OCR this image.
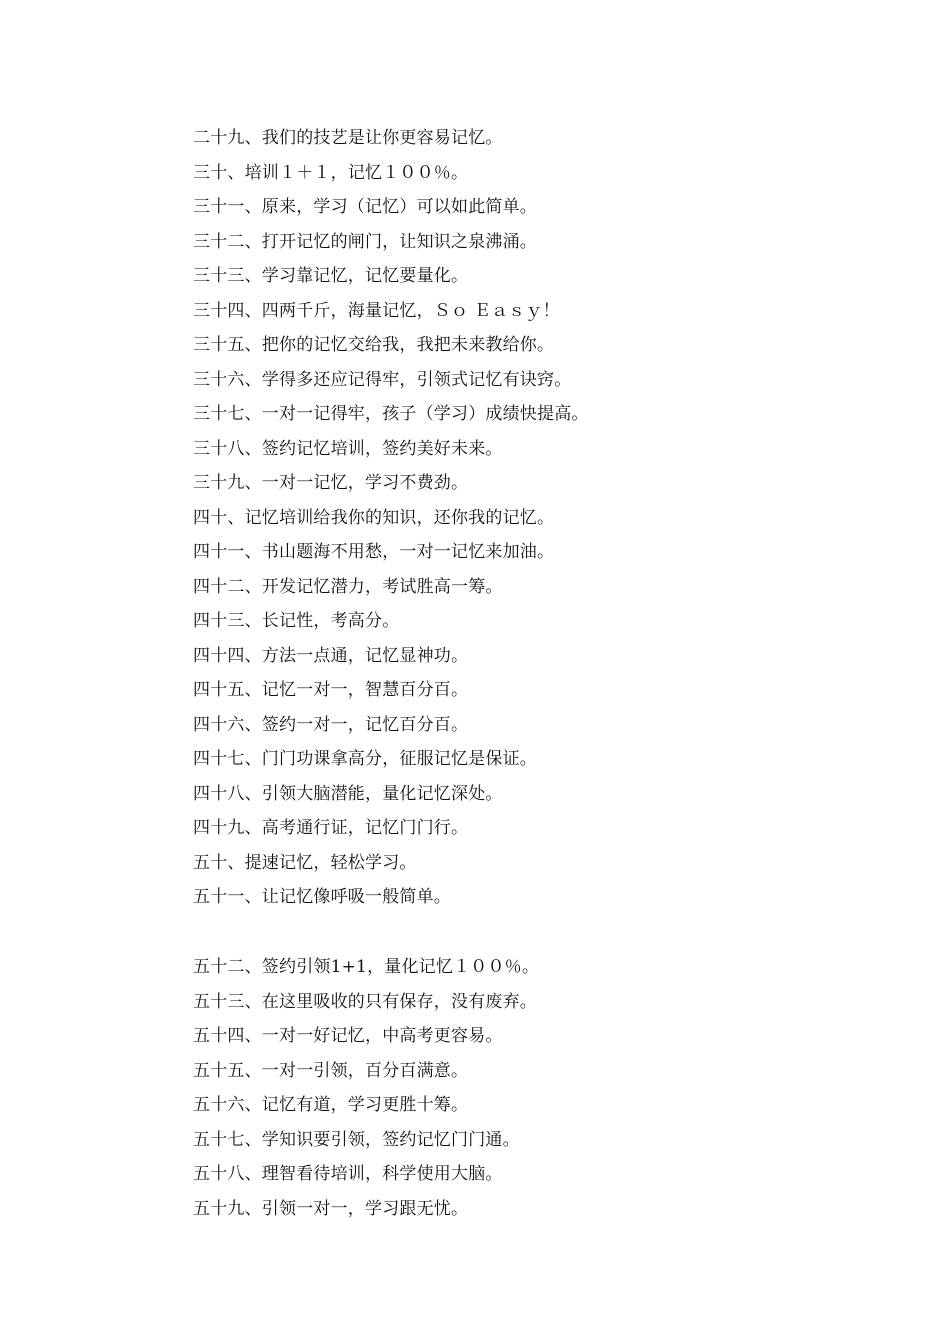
二十九、我们的技艺是让你更容易记忆。
三十、培训１＋１，记忆１００％。
三十一、原来，学习（记忆）可以如此简单。
三十二、打开记忆的闸门，让知识之泉沸涌。
三十三、学习靠记忆，记忆要量化。
三十四、四两千斤，海量记忆，Ｓｏ Ｅａｓｙ！
三十五、把你的记忆交给我，我把未来教给你。
三十六、学得多还应记得牢，引领式记忆有诀窍。
三十七、一对一记得牢，孩子（学习）成绩快提高。
三十八、签约记忆培训，签约美好未来。
三十九、一对一记忆，学习不费劲。
四十、记忆培训给我你的知识，还你我的记忆。
四十一、书山题海不用愁，一对一记忆来加油。
四十二、开发记忆潜力，考试胜高一筹。
四十三、长记性，考高分。
四十四、方法一点通，记忆显神功。
四十五、记忆一对一，智慧百分百。
四十六、签约一对一，记忆百分百。
四十七、门门功课拿高分，征服记忆是保证。
四十八、引领大脑潜能，量化记忆深处。
四十九、高考通行证，记忆门门行。
五十、提速记忆，轻松学习。
五十一、让记忆像呼吸一般简单。
五十二、签约引领1+1，量化记忆１００％。
五十三、在这里吸收的只有保存，没有废弃。
五十四、一对一好记忆，中高考更容易。
五十五、一对一引领，百分百满意。
五十六、记忆有道，学习更胜十筹。
五十七、学知识要引领，签约记忆门门通。
五十八、理智看待培训，科学使用大脑。
五十九、引领一对一，学习跟无忧。
